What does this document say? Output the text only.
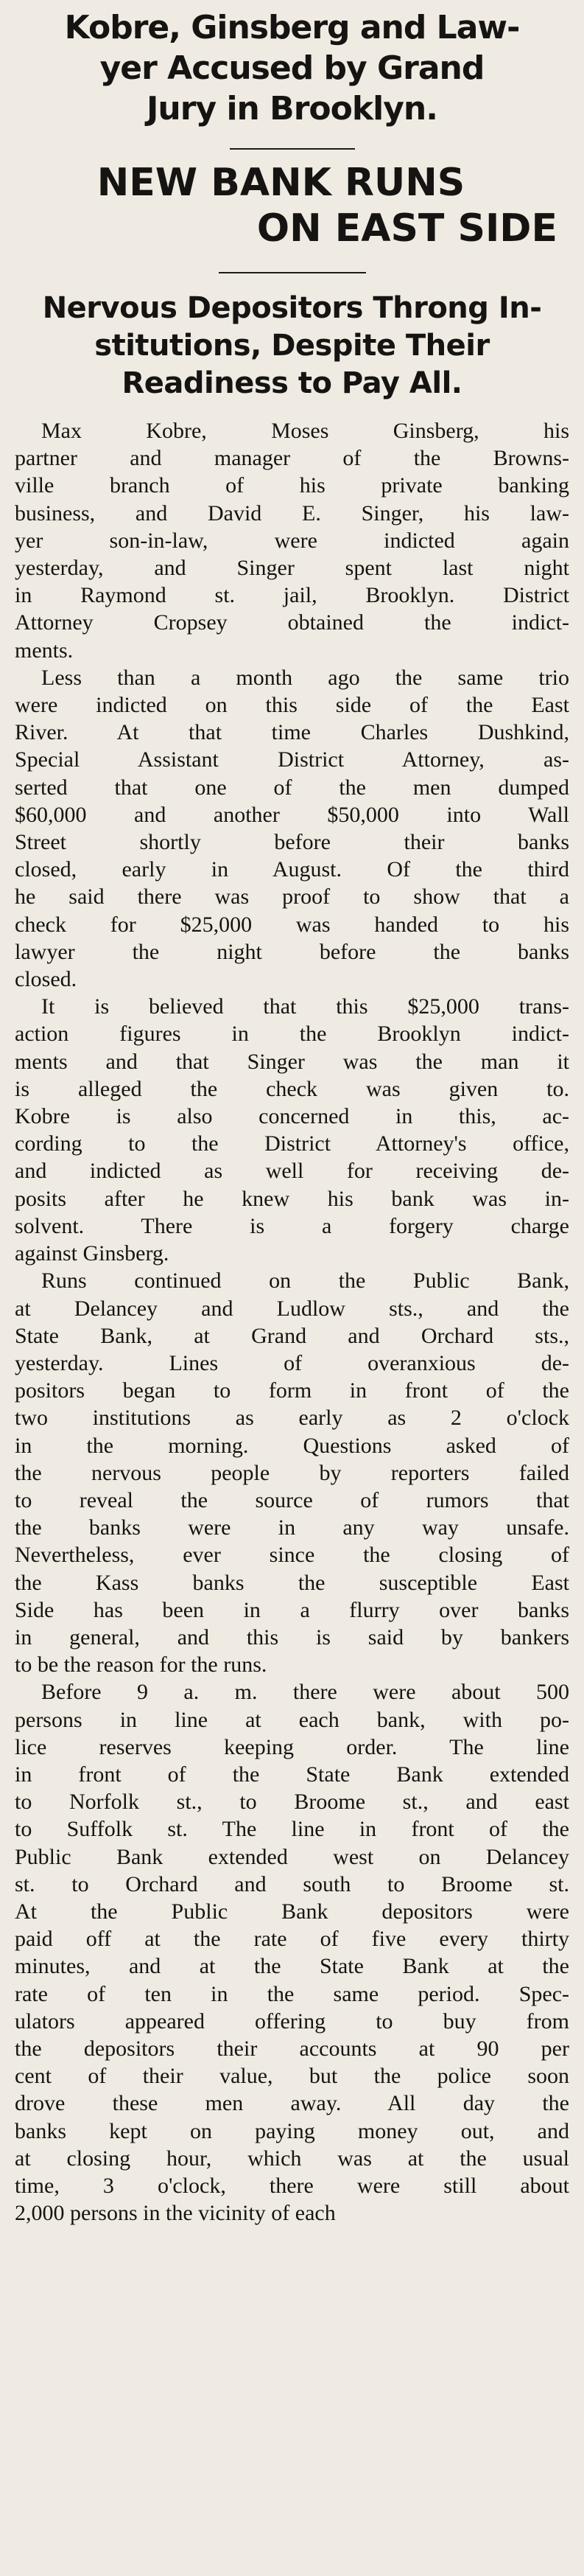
Kobre, Ginsberg and Law-
yer Accused by Grand
Jury in Brooklyn.
NEW BANK RUNS
ON EAST SIDE
Nervous Depositors Throng In-
stitutions, Despite Their
Readiness to Pay All.

Max Kobre, Moses Ginsberg, his
partner and manager of the Browns-
ville branch of his private banking
business, and David E. Singer, his law-
yer son-in-law, were indicted again
yesterday, and Singer spent last night
in Raymond st. jail, Brooklyn. District
Attorney Cropsey obtained the indict-
ments.

Less than a month ago the same trio
were indicted on this side of the East
River. At that time Charles Dushkind,
Special Assistant District Attorney, as-
serted that one of the men dumped
$60,000 and another $50,000 into Wall
Street shortly before their banks
closed, early in August. Of the third
he said there was proof to show that a
check for $25,000 was handed to his
lawyer the night before the banks
closed.

It is believed that this $25,000 trans-
action figures in the Brooklyn indict-
ments and that Singer was the man it
is alleged the check was given to.
Kobre is also concerned in this, ac-
cording to the District Attorney's office,
and indicted as well for receiving de-
posits after he knew his bank was in-
solvent. There is a forgery charge
against Ginsberg.

Runs continued on the Public Bank,
at Delancey and Ludlow sts., and the
State Bank, at Grand and Orchard sts.,
yesterday. Lines of overanxious de-
positors began to form in front of the
two institutions as early as 2 o'clock
in the morning. Questions asked of
the nervous people by reporters failed
to reveal the source of rumors that
the banks were in any way unsafe.
Nevertheless, ever since the closing of
the Kass banks the susceptible East
Side has been in a flurry over banks
in general, and this is said by bankers
to be the reason for the runs.

Before 9 a. m. there were about 500
persons in line at each bank, with po-
lice reserves keeping order. The line
in front of the State Bank extended
to Norfolk st., to Broome st., and east
to Suffolk st. The line in front of the
Public Bank extended west on Delancey
st. to Orchard and south to Broome st.
At the Public Bank depositors were
paid off at the rate of five every thirty
minutes, and at the State Bank at the
rate of ten in the same period. Spec-
ulators appeared offering to buy from
the depositors their accounts at 90 per
cent of their value, but the police soon
drove these men away. All day the
banks kept on paying money out, and
at closing hour, which was at the usual
time, 3 o'clock, there were still about
2,000 persons in the vicinity of each
